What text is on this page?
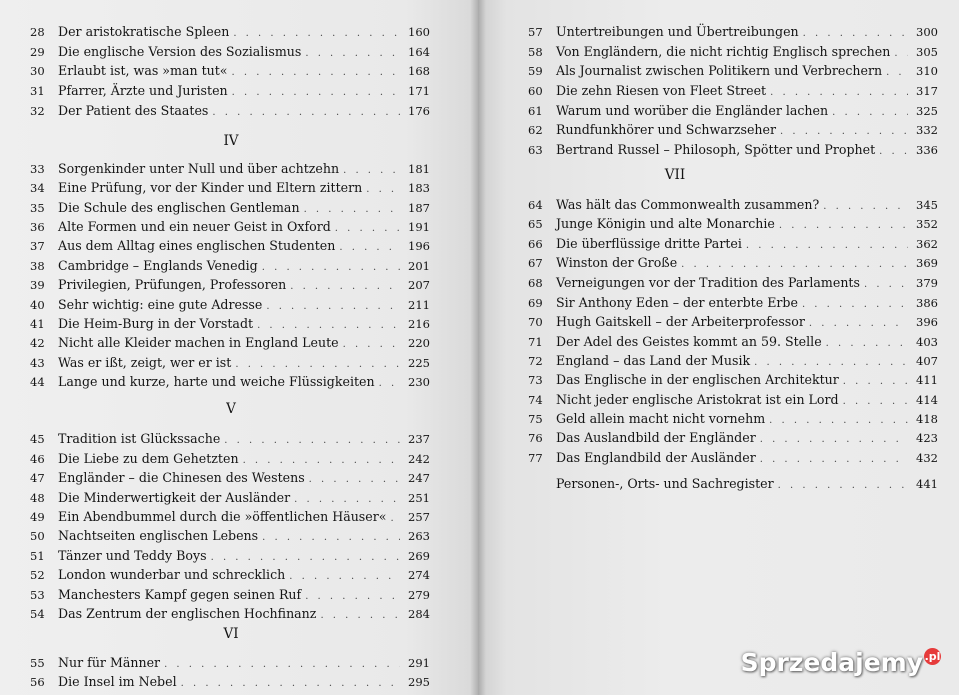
28	Der aristokratische Spleen . . .	160
29	Die englische Version des Sozialismus . . .	164
30	Erlaubt ist, was »man tut« . . .	168
31	Pfarrer, Ärzte und Juristen . . .	171
32	Der Patient des Staates . . .	176
33	Sorgenkinder unter Null und über achtzehn . . .	181
34	Eine Prüfung, vor der Kinder und Eltern zittern . . .	183
35	Die Schule des englischen Gentleman . . .	187
36	Alte Formen und ein neuer Geist in Oxford . . .	191
37	Aus dem Alltag eines englischen Studenten . . .	196
38	Cambridge – Englands Venedig . . .	201
39	Privilegien, Prüfungen, Professoren . . .	207
40	Sehr wichtig: eine gute Adresse . . .	211
41	Die Heim-Burg in der Vorstadt . . .	216
42	Nicht alle Kleider machen in England Leute . . .	220
43	Was er ißt, zeigt, wer er ist . . .	225
44	Lange und kurze, harte und weiche Flüssigkeiten . . .	230
45	Tradition ist Glückssache . . .	237
46	Die Liebe zu dem Gehetzten . . .	242
47	Engländer – die Chinesen des Westens . . .	247
48	Die Minderwertigkeit der Ausländer . . .	251
49	Ein Abendbummel durch die »öffentlichen Häuser« . . .	257
50	Nachtseiten englischen Lebens . . .	263
51	Tänzer und Teddy Boys . . .	269
52	London wunderbar und schrecklich . . .	274
53	Manchesters Kampf gegen seinen Ruf . . .	279
54	Das Zentrum der englischen Hochfinanz . . .	284
55	Nur für Männer . . .	291
56	Die Insel im Nebel . . .	295
IV
V
VI
57	Untertreibungen und Übertreibungen . . .	300
58	Von Engländern, die nicht richtig Englisch sprechen . . .	305
59	Als Journalist zwischen Politikern und Verbrechern . . .	310
60	Die zehn Riesen von Fleet Street . . .	317
61	Warum und worüber die Engländer lachen . . .	325
62	Rundfunkhörer und Schwarzseher . . .	332
63	Bertrand Russel – Philosoph, Spötter und Prophet . . .	336
64	Was hält das Commonwealth zusammen? . . .	345
65	Junge Königin und alte Monarchie . . .	352
66	Die überflüssige dritte Partei . . .	362
67	Winston der Große . . .	369
68	Verneigungen vor der Tradition des Parlaments . . .	379
69	Sir Anthony Eden – der enterbte Erbe . . .	386
70	Hugh Gaitskell – der Arbeiterprofessor . . .	396
71	Der Adel des Geistes kommt an 59. Stelle . . .	403
72	England – das Land der Musik . . .	407
73	Das Englische in der englischen Architektur . . .	411
74	Nicht jeder englische Aristokrat ist ein Lord . . .	414
75	Geld allein macht nicht vornehm . . .	418
76	Das Auslandbild der Engländer . . .	423
77	Das Englandbild der Ausländer . . .	432
VII
Personen-, Orts- und Sachregister . . .	441
Sprzedajemy .pl
